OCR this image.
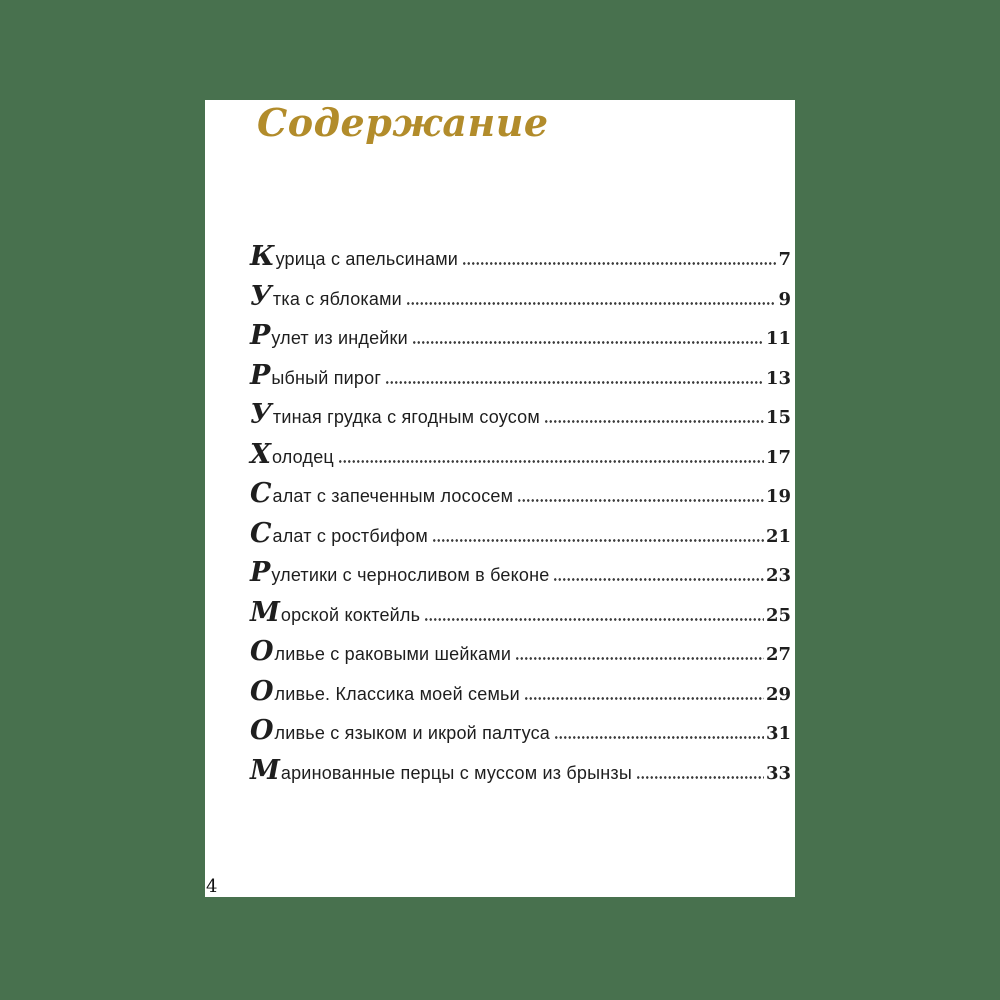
Содержание
Курица с апельсинами	7
Утка с яблоками	9
Рулет из индейки	11
Рыбный пирог	13
Утиная грудка с ягодным соусом	15
Холодец	17
Салат с запеченным лососем	19
Салат с ростбифом	21
Рулетики с черносливом в беконе	23
Морской коктейль	25
Оливье с раковыми шейками	27
Оливье. Классика моей семьи	29
Оливье с языком и икрой палтуса	31
Маринованные перцы с муссом из брынзы	33
4
